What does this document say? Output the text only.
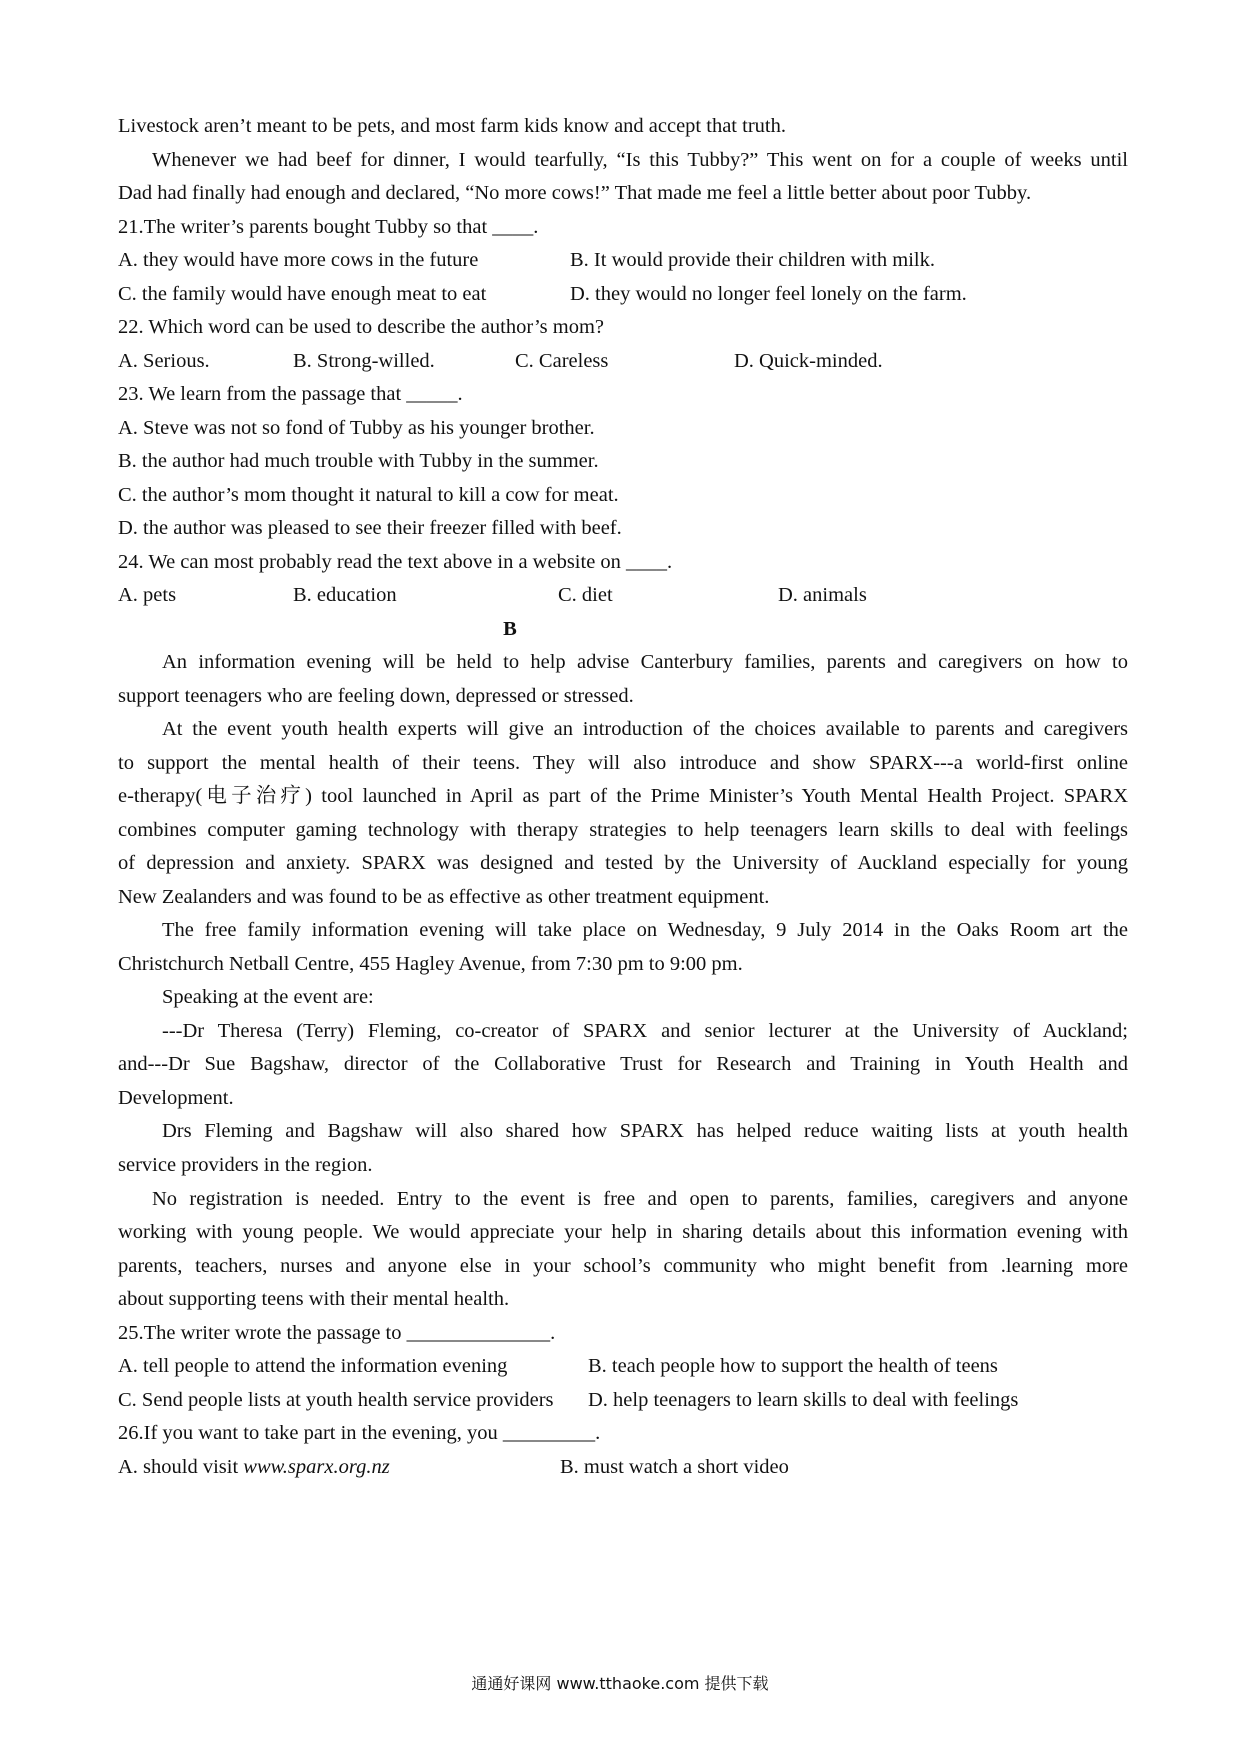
Livestock aren’t meant to be pets, and most farm kids know and accept that truth.
Whenever we had beef for dinner, I would tearfully, “Is this Tubby?” This went on for a couple of weeks until
Dad had finally had enough and declared, “No more cows!” That made me feel a little better about poor Tubby.
21.The writer’s parents bought Tubby so that ____.
A. they would have more cows in the future	B. It would provide their children with milk.
C. the family would have enough meat to eat	D. they would no longer feel lonely on the farm.
22. Which word can be used to describe the author’s mom?
A. Serious.	B. Strong-willed.	C. Careless	D. Quick-minded.
23. We learn from the passage that _____.
A. Steve was not so fond of Tubby as his younger brother.
B. the author had much trouble with Tubby in the summer.
C. the author’s mom thought it natural to kill a cow for meat.
D. the author was pleased to see their freezer filled with beef.
24. We can most probably read the text above in a website on ____.
A. pets	B. education	C. diet	D. animals
B
An information evening will be held to help advise Canterbury families, parents and caregivers on how to
support teenagers who are feeling down, depressed or stressed.
At the event youth health experts will give an introduction of the choices available to parents and caregivers
to support the mental health of their teens. They will also introduce and show SPARX---a world-first online
e-therapy(电子治疗) tool launched in April as part of the Prime Minister’s Youth Mental Health Project. SPARX
combines computer gaming technology with therapy strategies to help teenagers learn skills to deal with feelings
of depression and anxiety. SPARX was designed and tested by the University of Auckland especially for young
New Zealanders and was found to be as effective as other treatment equipment.
The free family information evening will take place on Wednesday, 9 July 2014 in the Oaks Room art the
Christchurch Netball Centre, 455 Hagley Avenue, from 7:30 pm to 9:00 pm.
Speaking at the event are:
---Dr Theresa (Terry) Fleming, co-creator of SPARX and senior lecturer at the University of Auckland;
and---Dr Sue Bagshaw, director of the Collaborative Trust for Research and Training in Youth Health and
Development.
Drs Fleming and Bagshaw will also shared how SPARX has helped reduce waiting lists at youth health
service providers in the region.
No registration is needed. Entry to the event is free and open to parents, families, caregivers and anyone
working with young people. We would appreciate your help in sharing details about this information evening with
parents, teachers, nurses and anyone else in your school’s community who might benefit from .learning more
about supporting teens with their mental health.
25.The writer wrote the passage to ______________.
A. tell people to attend the information evening	B. teach people how to support the health of teens
C. Send people lists at youth health service providers D. help teenagers to learn skills to deal with feelings
26.If you want to take part in the evening, you _________.
A. should visit www.sparx.org.nz	B. must watch a short video
通通好课网 www.tthaoke.com 提供下载
